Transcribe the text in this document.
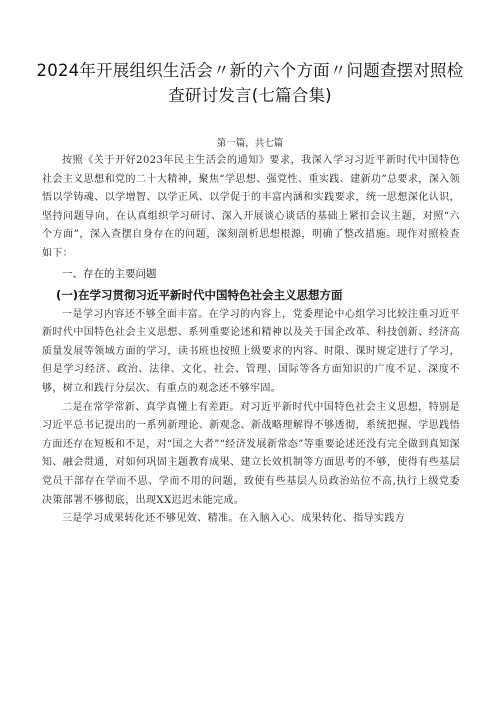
2024年开展组织生活会〃新的六个方面〃问题查摆对照检
查研讨发言(七篇合集)
第一篇，共七篇

按照《关于开好2023年民主生活会的通知》要求，我深入学习习近平新时代中国特色社会主义思想和党的二十大精神，聚焦“学思想、强党性、重实践、建新功”总要求，深入领悟以学铸魂、以学增智、以学正风、以学促于的丰富内涵和实践要求，统一思想深化认识，坚持问题导向，在认真组织学习研讨、深入开展谈心谈话的基础上紧扣会议主题，对照“六个方面”，深入查摆自身存在的问题，深刻剖析思想根源，明确了整改措施。现作对照检查如下：

一、存在的主要问题

(一)在学习贯彻习近平新时代中国特色社会主义思想方面

一是学习内容还不够全面丰富。在学习的内容上，党委理论中心组学习比较注重习近平新时代中国特色社会主义思想、系列重要论述和精神以及关于国企改革、科技创新、经济高质量发展等领域方面的学习，读书班也按照上级要求的内容、时限、课时规定进行了学习，但是学习经济、政治、法律、文化、社会、管理、国际等各方面知识的广度不足、深度不够，树立和践行分层次、有重点的观念还不够牢固。

二是在常学常新、真学真懂上有差距。对习近平新时代中国特色社会主义思想，特别是习近平总书记提出的一系列新理论、新观念、新战略理解得不够透彻，系统把握、学思践悟方面还存在短板和不足，对“国之大者”“经济发展新常态”等重要论述还没有完全做到真知深知、融会贯通，对如何巩固主题教育成果、建立长效机制等方面思考的不够，使得有些基层党员干部存在学而不思、学而不用的问题，致使有些基层人员政治站位不高,执行上级党委决策部署不够彻底，出现XX迟迟未能完成。

三是学习成果转化还不够见效、精准。在入脑入心、成果转化、指导实践方
